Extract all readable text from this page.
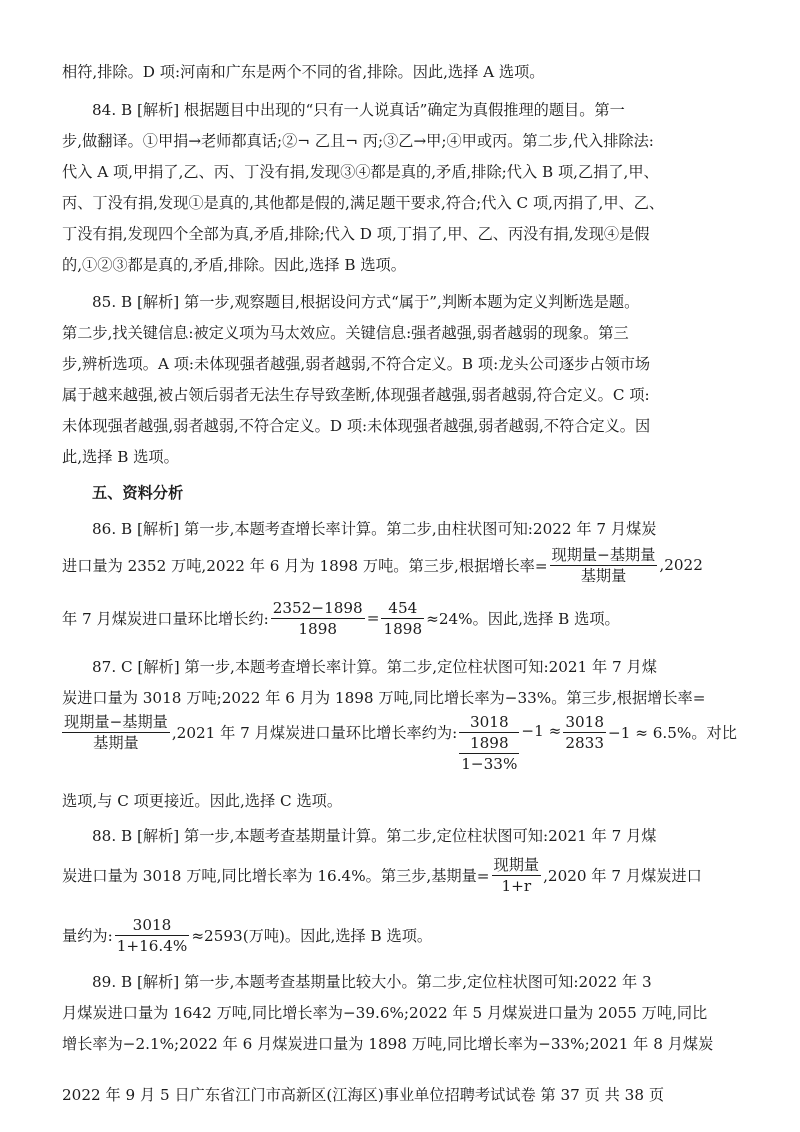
相符,排除。D 项:河南和广东是两个不同的省,排除。因此,选择 A 选项。
84. B [解析] 根据题目中出现的“只有一人说真话”确定为真假推理的题目。第一
步,做翻译。①甲捐→老师都真话;②¬ 乙且¬ 丙;③乙→甲;④甲或丙。第二步,代入排除法:
代入 A 项,甲捐了,乙、丙、丁没有捐,发现③④都是真的,矛盾,排除;代入 B 项,乙捐了,甲、
丙、丁没有捐,发现①是真的,其他都是假的,满足题干要求,符合;代入 C 项,丙捐了,甲、乙、
丁没有捐,发现四个全部为真,矛盾,排除;代入 D 项,丁捐了,甲、乙、丙没有捐,发现④是假
的,①②③都是真的,矛盾,排除。因此,选择 B 选项。
85. B [解析] 第一步,观察题目,根据设问方式“属于”,判断本题为定义判断选是题。
第二步,找关键信息:被定义项为马太效应。关键信息:强者越强,弱者越弱的现象。第三
步,辨析选项。A 项:未体现强者越强,弱者越弱,不符合定义。B 项:龙头公司逐步占领市场
属于越来越强,被占领后弱者无法生存导致垄断,体现强者越强,弱者越弱,符合定义。C 项:
未体现强者越强,弱者越弱,不符合定义。D 项:未体现强者越强,弱者越弱,不符合定义。因
此,选择 B 选项。
五、资料分析
86. B [解析] 第一步,本题考查增长率计算。第二步,由柱状图可知:2022 年 7 月煤炭
进口量为 2352 万吨,2022 年 6 月为 1898 万吨。第三步,根据增长率= $\frac{\text{现期量−基期量}}{\text{基期量}} ,2022$
年 7 月煤炭进口量环比增长约: $\frac{2352-1898}{1898} = \frac{454}{1898} \approx 24\%$。因此,选择 B 选项。
87. C [解析] 第一步,本题考查增长率计算。第二步,定位柱状图可知:2021 年 7 月煤
炭进口量为 3018 万吨;2022 年 6 月为 1898 万吨,同比增长率为−33%。第三步,根据增长率=
$\frac{\text{现期量−基期量}}{\text{基期量}} ,2021$ 年 7 月煤炭进口量环比增长率约为:
3018
1898
1−33%
$-1 \approx \frac{3018}{2833} -1 \approx 6.5\%$。对比
选项,与 C 项更接近。因此,选择 C 选项。
88. B [解析] 第一步,本题考查基期量计算。第二步,定位柱状图可知:2021 年 7 月煤
炭进口量为 3018 万吨,同比增长率为 16.4%。第三步,基期量= $\frac{\text{现期量}}{1+r} ,2020$ 年 7 月煤炭进口
量约为: $\frac{3018}{1+16.4\%} \approx 2593$(万吨)。因此,选择 B 选项。
89. B [解析] 第一步,本题考查基期量比较大小。第二步,定位柱状图可知:2022 年 3
月煤炭进口量为 1642 万吨,同比增长率为−39.6%;2022 年 5 月煤炭进口量为 2055 万吨,同比
增长率为−2.1%;2022 年 6 月煤炭进口量为 1898 万吨,同比增长率为−33%;2021 年 8 月煤炭
2022 年 9 月 5 日广东省江门市高新区(江海区)事业单位招聘考试试卷 第 37 页 共 38 页
